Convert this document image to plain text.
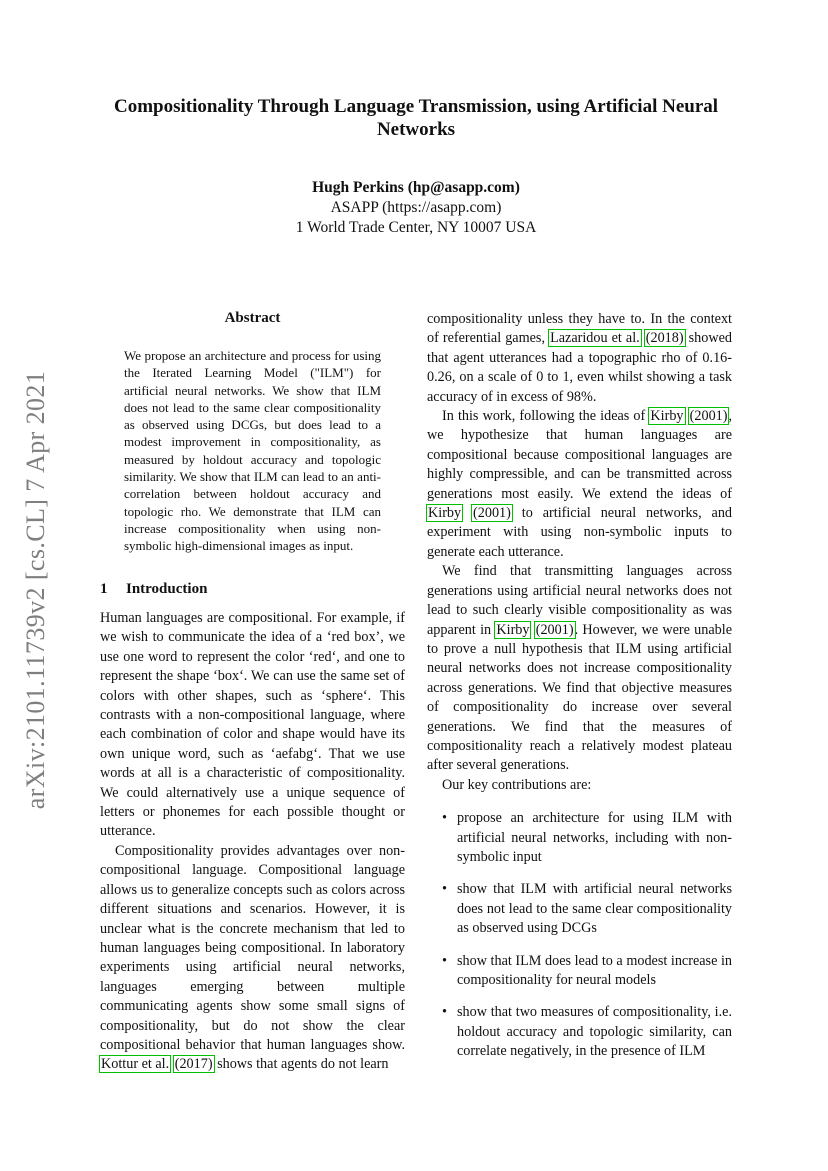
arXiv:2101.11739v2 [cs.CL] 7 Apr 2021
Compositionality Through Language Transmission, using Artificial Neural Networks
Hugh Perkins (hp@asapp.com)
ASAPP (https://asapp.com)
1 World Trade Center, NY 10007 USA
Abstract
We propose an architecture and process for using the Iterated Learning Model ("ILM") for artificial neural networks. We show that ILM does not lead to the same clear compositionality as observed using DCGs, but does lead to a modest improvement in compositionality, as measured by holdout accuracy and topologic similarity. We show that ILM can lead to an anti-correlation between holdout accuracy and topologic rho. We demonstrate that ILM can increase compositionality when using non-symbolic high-dimensional images as input.
1 Introduction

Human languages are compositional. For example, if we wish to communicate the idea of a ‘red box’, we use one word to represent the color ‘red‘, and one to represent the shape ‘box‘. We can use the same set of colors with other shapes, such as ‘sphere‘. This contrasts with a non-compositional language, where each combination of color and shape would have its own unique word, such as ‘aefabg‘. That we use words at all is a characteristic of compositionality. We could alternatively use a unique sequence of letters or phonemes for each possible thought or utterance.

Compositionality provides advantages over non-compositional language. Compositional language allows us to generalize concepts such as colors across different situations and scenarios. However, it is unclear what is the concrete mechanism that led to human languages being compositional. In laboratory experiments using artificial neural networks, languages emerging between multiple communicating agents show some small signs of compositionality, but do not show the clear compositional behavior that human languages show. Kottur et al. (2017) shows that agents do not learn

compositionality unless they have to. In the context of referential games, Lazaridou et al. (2018) showed that agent utterances had a topographic rho of 0.16-0.26, on a scale of 0 to 1, even whilst showing a task accuracy of in excess of 98%.

In this work, following the ideas of Kirby (2001), we hypothesize that human languages are compositional because compositional languages are highly compressible, and can be transmitted across generations most easily. We extend the ideas of Kirby (2001) to artificial neural networks, and experiment with using non-symbolic inputs to generate each utterance.

We find that transmitting languages across generations using artificial neural networks does not lead to such clearly visible compositionality as was apparent in Kirby (2001). However, we were unable to prove a null hypothesis that ILM using artificial neural networks does not increase compositionality across generations. We find that objective measures of compositionality do increase over several generations. We find that the measures of compositionality reach a relatively modest plateau after several generations.

Our key contributions are:

• propose an architecture for using ILM with artificial neural networks, including with non-symbolic input
• show that ILM with artificial neural networks does not lead to the same clear compositionality as observed using DCGs
• show that ILM does lead to a modest increase in compositionality for neural models
• show that two measures of compositionality, i.e. holdout accuracy and topologic similarity, can correlate negatively, in the presence of ILM
